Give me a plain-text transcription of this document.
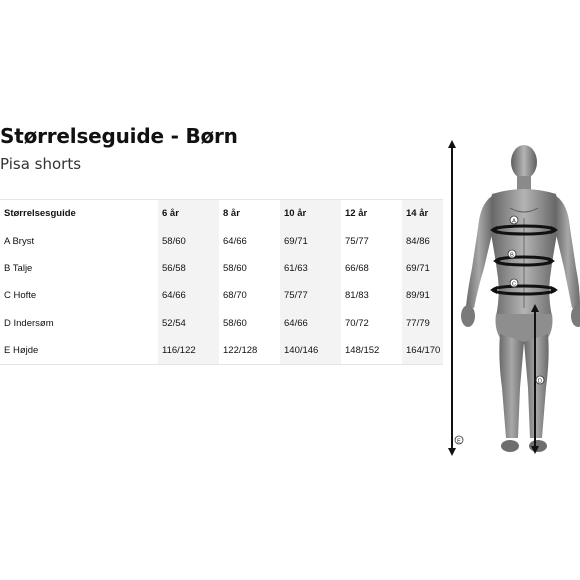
Størrelseguide - Børn

Pisa shorts

Størrelsesguide	6 år	8 år	10 år	12 år	14 år
A Bryst	58/60	64/66	69/71	75/77	84/86
B Talje	56/58	58/60	61/63	66/68	69/71
C Hofte	64/66	68/70	75/77	81/83	89/91
D Indersøm	52/54	58/60	64/66	70/72	77/79
E Højde	116/122	122/128	140/146	148/152	164/170
A
B
C
D
E
